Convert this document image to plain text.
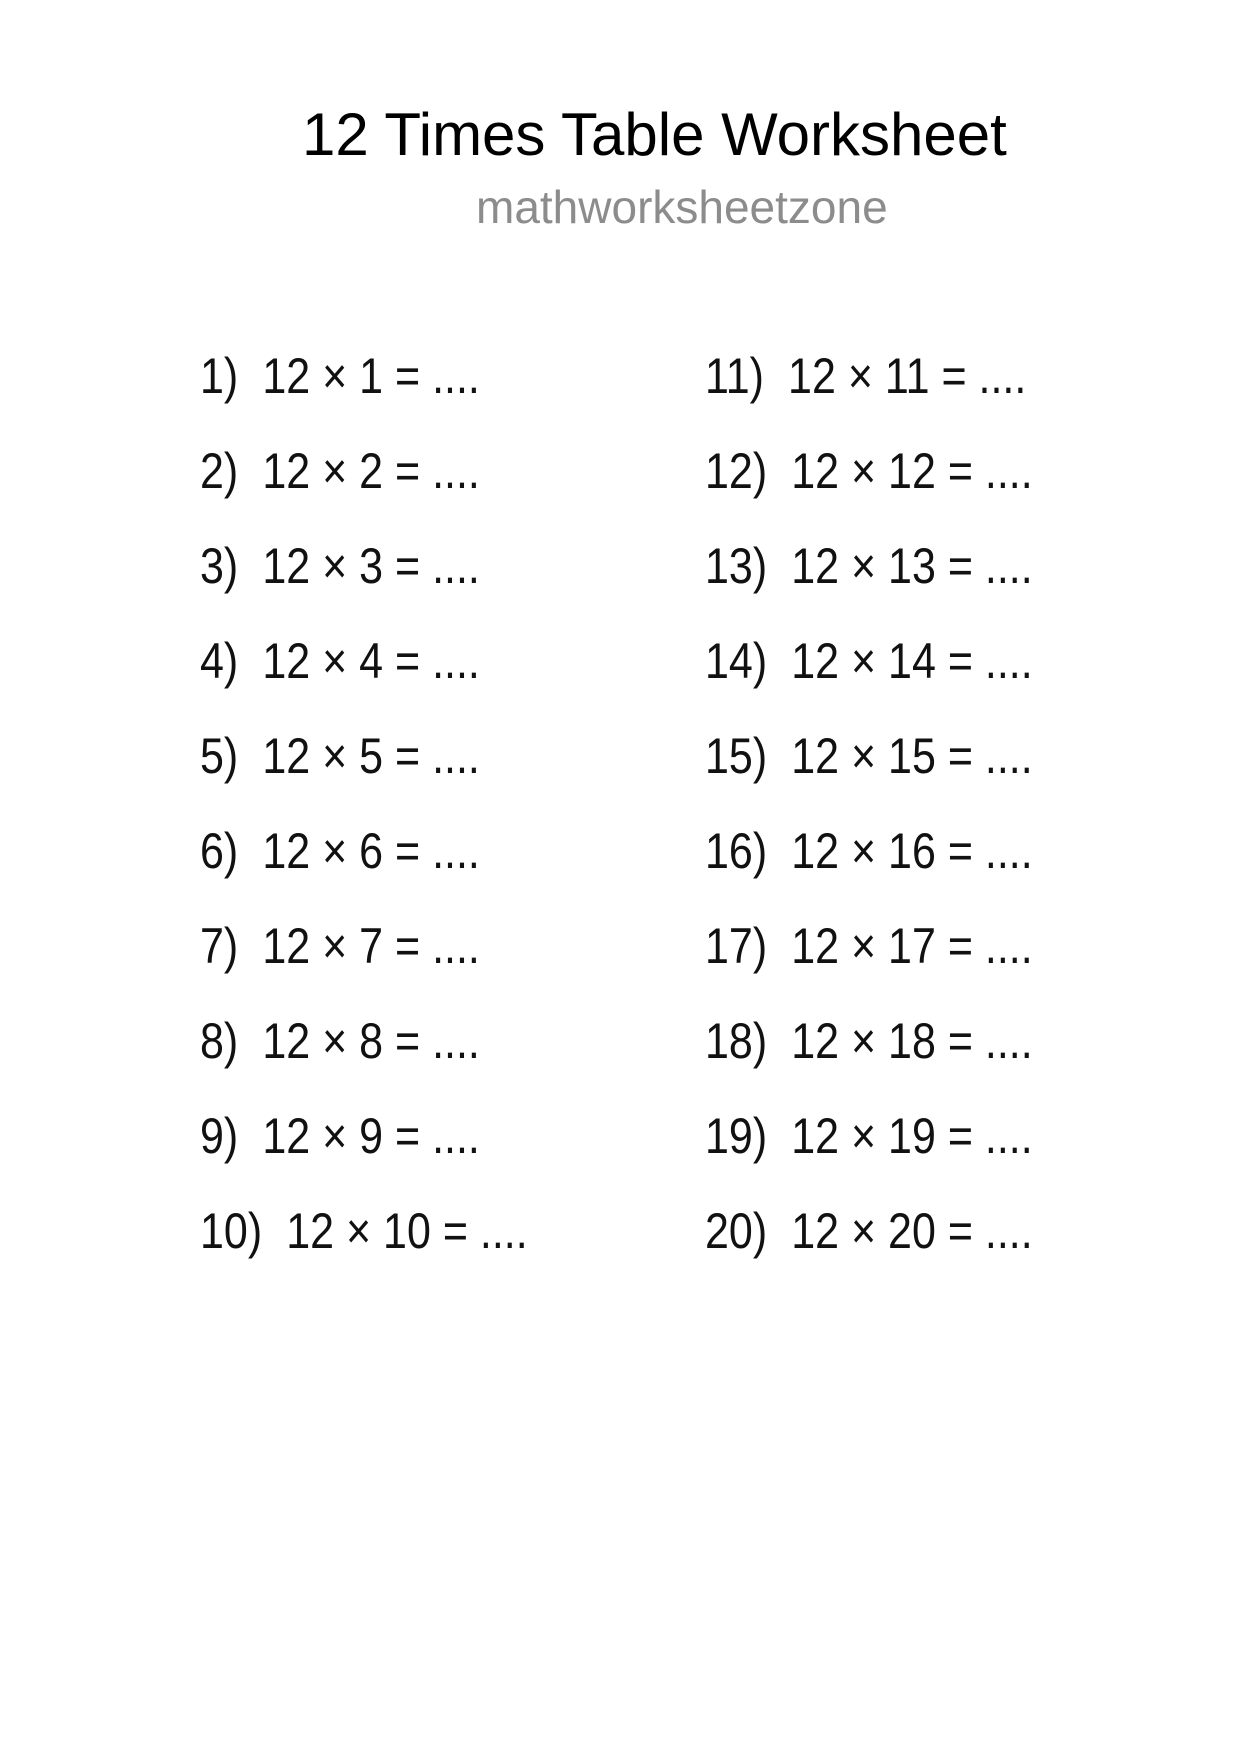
12 Times Table Worksheet
mathworksheetzone
1) 12 × 1 = ....
2) 12 × 2 = ....
3) 12 × 3 = ....
4) 12 × 4 = ....
5) 12 × 5 = ....
6) 12 × 6 = ....
7) 12 × 7 = ....
8) 12 × 8 = ....
9) 12 × 9 = ....
10) 12 × 10 = ....
11) 12 × 11 = ....
12) 12 × 12 = ....
13) 12 × 13 = ....
14) 12 × 14 = ....
15) 12 × 15 = ....
16) 12 × 16 = ....
17) 12 × 17 = ....
18) 12 × 18 = ....
19) 12 × 19 = ....
20) 12 × 20 = ....
